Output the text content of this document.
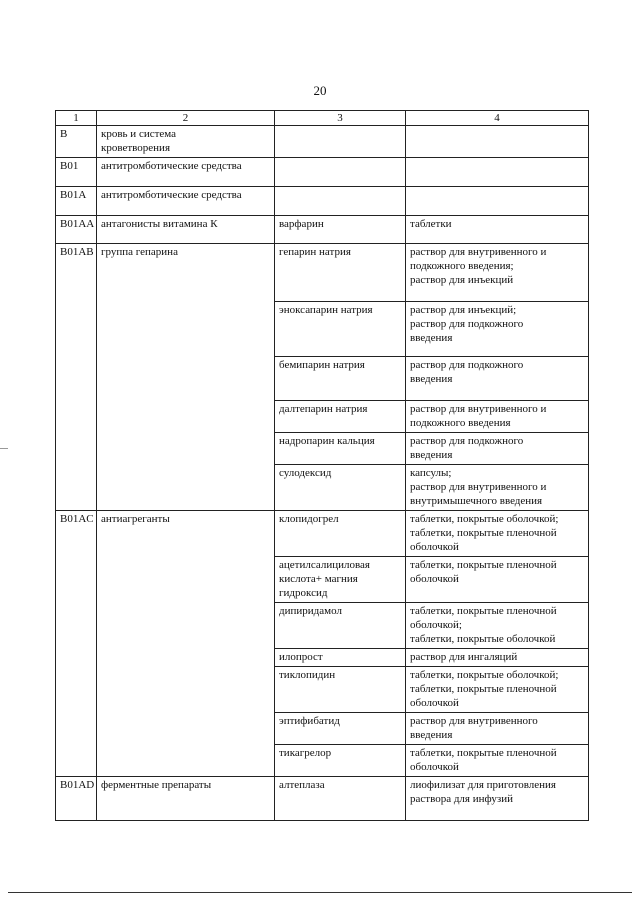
20
1	2	3	4
B	кровь и система
кроветворения		
B01	антитромботические средства		
B01A	антитромботические средства		
B01AA	антагонисты витамина К	варфарин	таблетки
B01AB	группа гепарина	гепарин натрия	раствор для внутривенного и
подкожного введения;
раствор для инъекций
		эноксапарин натрия	раствор для инъекций;
раствор для подкожного
введения
		бемипарин натрия	раствор для подкожного
введения
		далтепарин натрия	раствор для внутривенного и
подкожного введения
		надропарин кальция	раствор для подкожного
введения
		сулодексид	капсулы;
раствор для внутривенного и
внутримышечного введения
B01AC	антиагреганты	клопидогрел	таблетки, покрытые оболочкой;
таблетки, покрытые пленочной
оболочкой
		ацетилсалициловая
кислота+ магния
гидроксид	таблетки, покрытые пленочной
оболочкой
		дипиридамол	таблетки, покрытые пленочной
оболочкой;
таблетки, покрытые оболочкой
		илопрост	раствор для ингаляций
		тиклопидин	таблетки, покрытые оболочкой;
таблетки, покрытые пленочной
оболочкой
		эптифибатид	раствор для внутривенного
введения
		тикагрелор	таблетки, покрытые пленочной
оболочкой
B01AD	ферментные препараты	алтеплаза	лиофилизат для приготовления
раствора для инфузий
